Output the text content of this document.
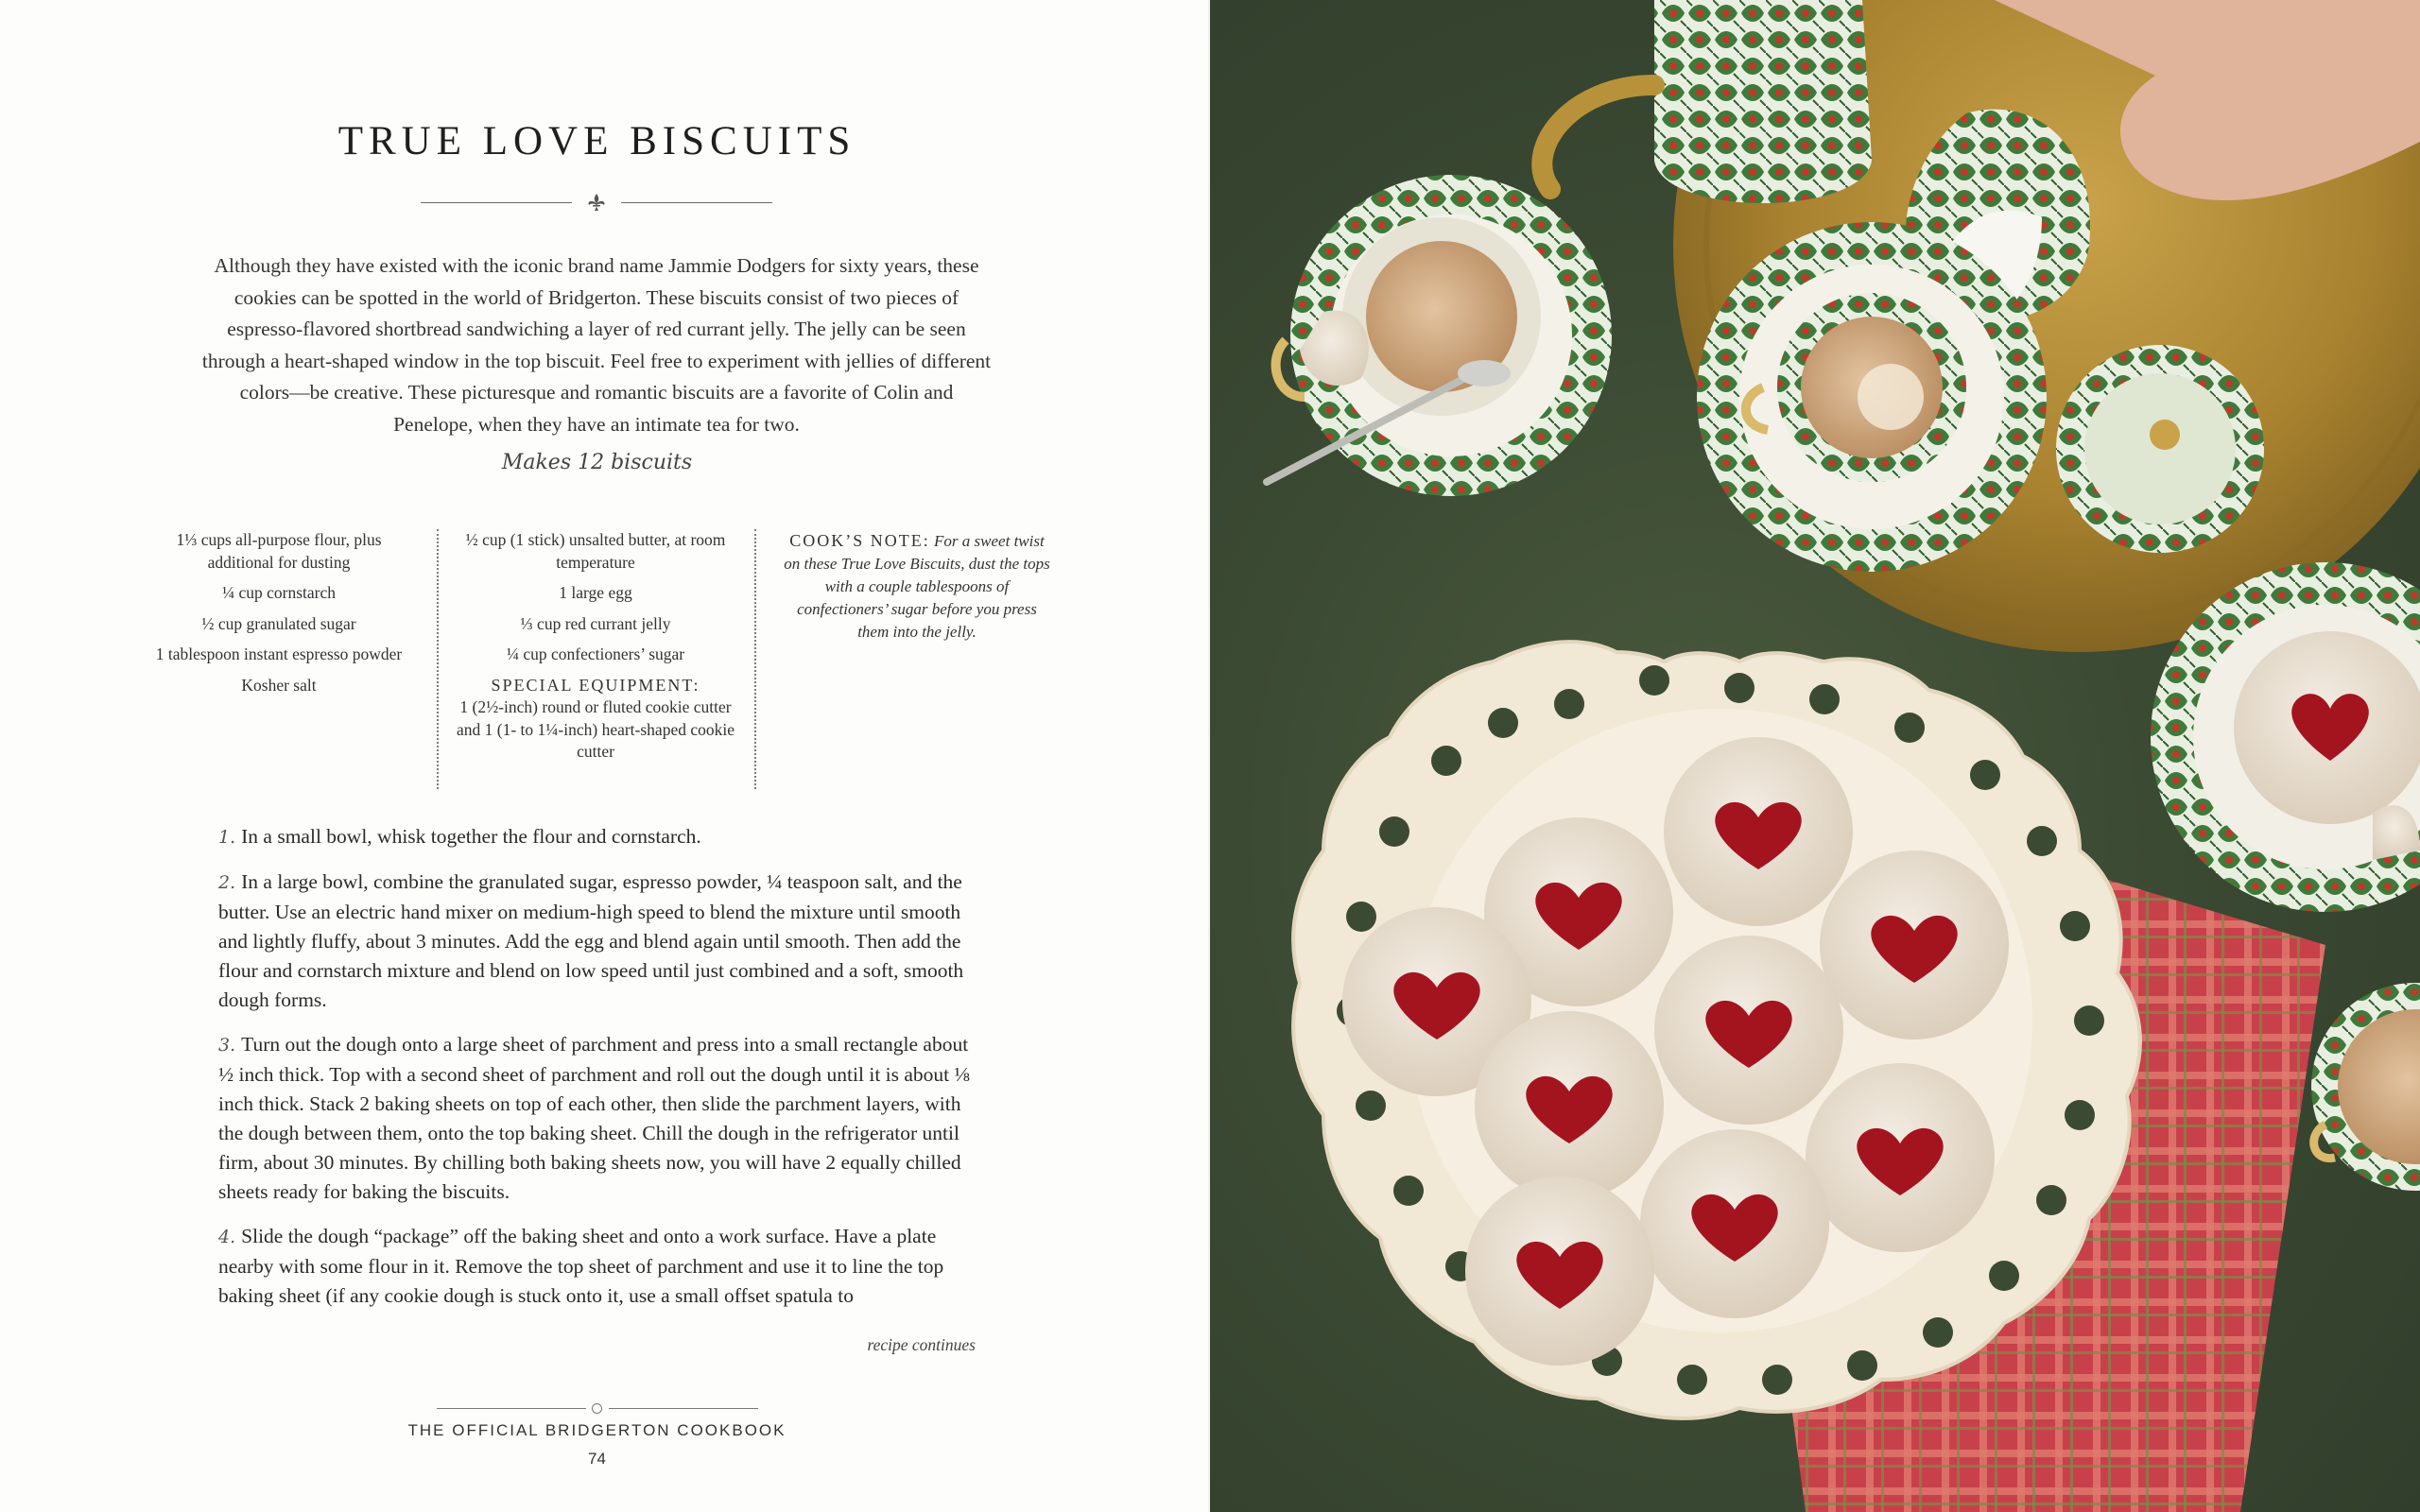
TRUE LOVE BISCUITS

Although they have existed with the iconic brand name Jammie Dodgers for sixty years, these cookies can be spotted in the world of Bridgerton. These biscuits consist of two pieces of espresso-flavored shortbread sandwiching a layer of red currant jelly. The jelly can be seen through a heart-shaped window in the top biscuit. Feel free to experiment with jellies of different colors—be creative. These picturesque and romantic biscuits are a favorite of Colin and Penelope, when they have an intimate tea for two.

Makes 12 biscuits
1⅓ cups all-purpose flour, plus additional for dusting
¼ cup cornstarch
½ cup granulated sugar
1 tablespoon instant espresso powder
Kosher salt
½ cup (1 stick) unsalted butter, at room temperature
1 large egg
⅓ cup red currant jelly
¼ cup confectioners’ sugar
SPECIAL EQUIPMENT:
1 (2½-inch) round or fluted cookie cutter and 1 (1- to 1¼-inch) heart-shaped cookie cutter
COOK’S NOTE: For a sweet twist on these True Love Biscuits, dust the tops with a couple tablespoons of confectioners’ sugar before you press them into the jelly.
1. In a small bowl, whisk together the flour and cornstarch.
2. In a large bowl, combine the granulated sugar, espresso powder, ¼ teaspoon salt, and the butter. Use an electric hand mixer on medium-high speed to blend the mixture until smooth and lightly fluffy, about 3 minutes. Add the egg and blend again until smooth. Then add the flour and cornstarch mixture and blend on low speed until just combined and a soft, smooth dough forms.
3. Turn out the dough onto a large sheet of parchment and press into a small rectangle about ½ inch thick. Top with a second sheet of parchment and roll out the dough until it is about ⅛ inch thick. Stack 2 baking sheets on top of each other, then slide the parchment layers, with the dough between them, onto the top baking sheet. Chill the dough in the refrigerator until firm, about 30 minutes. By chilling both baking sheets now, you will have 2 equally chilled sheets ready for baking the biscuits.
4. Slide the dough “package” off the baking sheet and onto a work surface. Have a plate nearby with some flour in it. Remove the top sheet of parchment and use it to line the top baking sheet (if any cookie dough is stuck onto it, use a small offset spatula to
recipe continues
THE OFFICIAL BRIDGERTON COOKBOOK
74
